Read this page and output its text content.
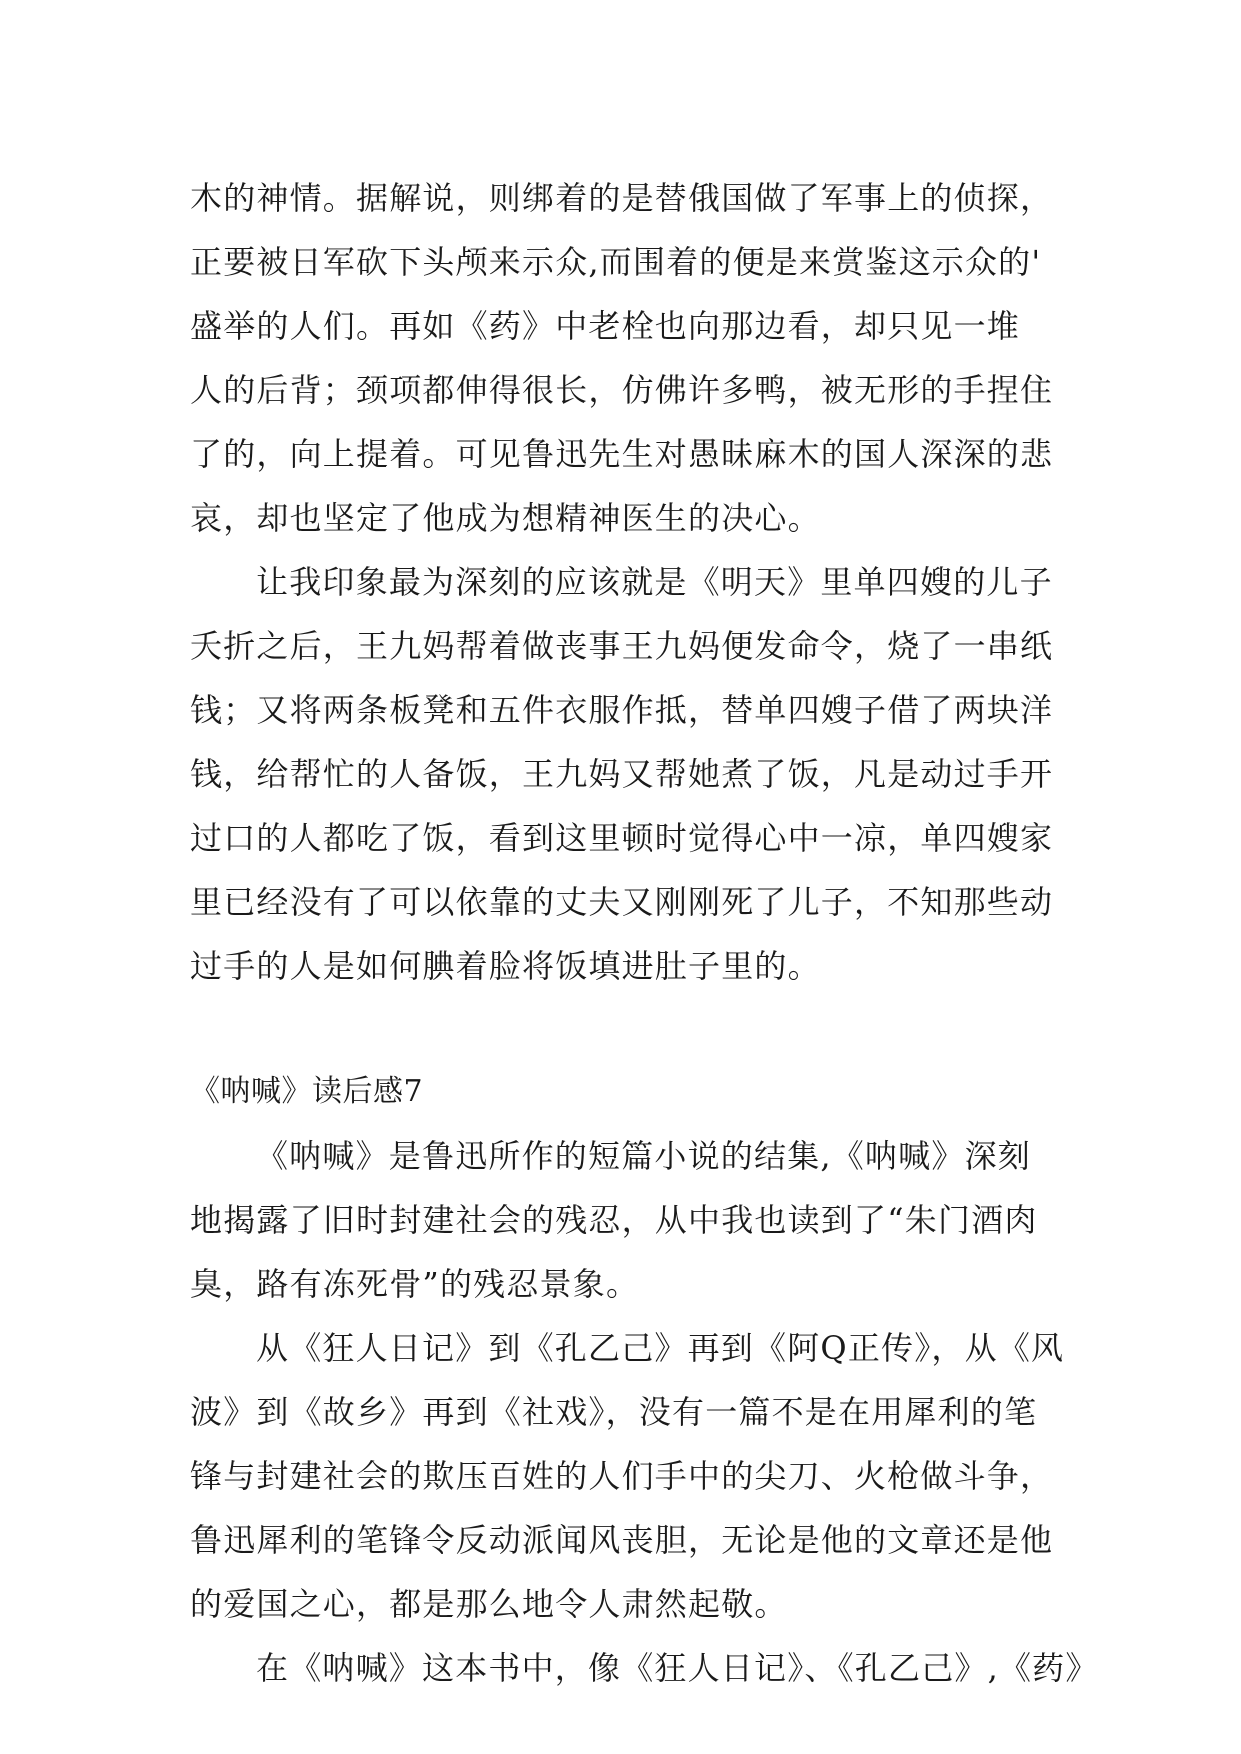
木的神情。据解说，则绑着的是替俄国做了军事上的侦探，
正要被日军砍下头颅来示众,而围着的便是来赏鉴这示众的'
盛举的人们。再如《药》中老栓也向那边看，却只见一堆
人的后背；颈项都伸得很长，仿佛许多鸭，被无形的手捏住
了的，向上提着。可见鲁迅先生对愚昧麻木的国人深深的悲
哀，却也坚定了他成为想精神医生的决心。
让我印象最为深刻的应该就是《明天》里单四嫂的儿子
夭折之后，王九妈帮着做丧事王九妈便发命令，烧了一串纸
钱；又将两条板凳和五件衣服作抵，替单四嫂子借了两块洋
钱，给帮忙的人备饭，王九妈又帮她煮了饭，凡是动过手开
过口的人都吃了饭，看到这里顿时觉得心中一凉，单四嫂家
里已经没有了可以依靠的丈夫又刚刚死了儿子，不知那些动
过手的人是如何腆着脸将饭填进肚子里的。
《呐喊》读后感7
《呐喊》是鲁迅所作的短篇小说的结集,《呐喊》深刻
地揭露了旧时封建社会的残忍，从中我也读到了“朱门酒肉
臭，路有冻死骨”的残忍景象。
从《狂人日记》到《孔乙己》再到《阿Q正传》，从《风
波》到《故乡》再到《社戏》，没有一篇不是在用犀利的笔
锋与封建社会的欺压百姓的人们手中的尖刀、火枪做斗争，
鲁迅犀利的笔锋令反动派闻风丧胆，无论是他的文章还是他
的爱国之心，都是那么地令人肃然起敬。
在《呐喊》这本书中，像《狂人日记》、《孔乙己》,《药》
